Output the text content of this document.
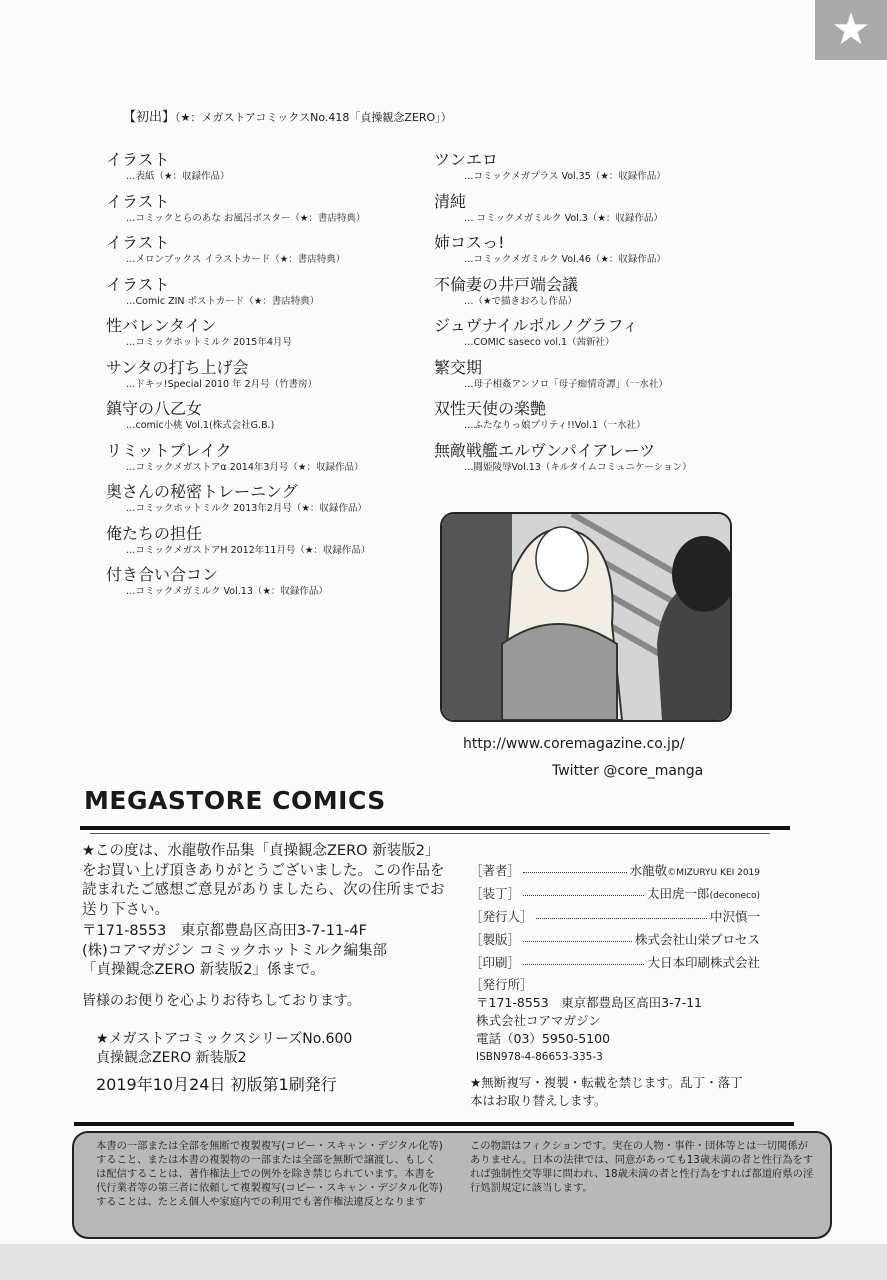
★
【初出】（★：メガストアコミックスNo.418「貞操観念ZERO」）
http://www.coremagazine.co.jp/
Twitter @core_manga
MEGASTORE COMICS
★この度は、水龍敬作品集「貞操観念ZERO 新装版2」
をお買い上げ頂きありがとうございました。この作品を
読まれたご感想ご意見がありましたら、次の住所までお
送り下さい。
〒171-8553　東京都豊島区高田3-7-11-4F
(株)コアマガジン コミックホットミルク編集部
「貞操観念ZERO 新装版2」係まで。
皆様のお便りを心よりお待ちしております。
★メガストアコミックスシリーズNo.600
貞操観念ZERO 新装版2
2019年10月24日 初版第1刷発行
［著者］	水龍敬©MIZURYU KEI 2019
［装丁］	太田虎一郎(deconeco)
［発行人］	中沢慎一
［製版］	株式会社山栄プロセス
［印刷］	大日本印刷株式会社
［発行所］
〒171-8553　東京都豊島区高田3-7-11
株式会社コアマガジン
電話（03）5950-5100
ISBN978-4-86653-335-3
★無断複写・複製・転載を禁じます。乱丁・落丁
本はお取り替えします。
本書の一部または全部を無断で複製複写(コピー・スキャン・デジタル化等)すること、または本書の複製物の一部または全部を無断で譲渡し、もしくは配信することは、著作権法上での例外を除き禁じられています。本書を代行業者等の第三者に依頼して複製複写(コピー・スキャン・デジタル化等)することは、たとえ個人や家庭内での利用でも著作権法違反となります
この物語はフィクションです。実在の人物・事件・団体等とは一切関係がありません。日本の法律では、同意があっても13歳未満の者と性行為をすれば強制性交等罪に問われ、18歳未満の者と性行為をすれば都道府県の淫行処罰規定に該当します。
イラスト
…表紙（★：収録作品）
イラスト
…コミックとらのあな お風呂ポスター（★：書店特典）
イラスト
…メロンブックス イラストカード（★：書店特典）
イラスト
…Comic ZIN ポストカード（★：書店特典）
性バレンタイン
…コミックホットミルク 2015年4月号
サンタの打ち上げ会
…ドキッ!Special 2010 年 2月号（竹書房）
鎮守の八乙女
…comic小桃 Vol.1(株式会社G.B.)
リミットブレイク
…コミックメガストアα 2014年3月号（★：収録作品）
奥さんの秘密トレーニング
…コミックホットミルク 2013年2月号（★：収録作品）
俺たちの担任
…コミックメガストアH 2012年11月号（★：収録作品）
付き合い合コン
…コミックメガミルク Vol.13（★：収録作品）
ツンエロ
…コミックメガプラス Vol.35（★：収録作品）
清純
… コミックメガミルク Vol.3（★：収録作品）
姉コスっ!
…コミックメガミルク Vol.46（★：収録作品）
不倫妻の井戸端会議
…（★で描きおろし作品）
ジュヴナイルポルノグラフィ
…COMIC saseco vol.1（茜新社）
繁交期
…母子相姦アンソロ「母子痴情奇譚」（一水社）
双性天使の楽艶
…ふたなりっ娘プリティ!!Vol.1（一水社）
無敵戦艦エルヴンパイアレーツ
…闘姫陵辱Vol.13（キルタイムコミュニケーション）
